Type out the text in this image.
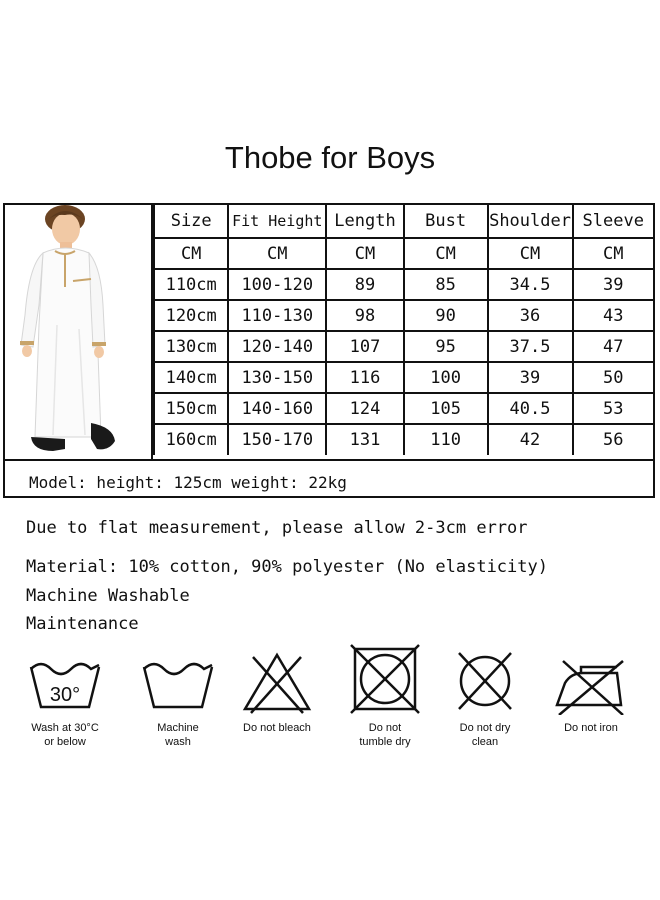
Thobe for Boys
Size	Fit Height	Length	Bust	Shoulder	Sleeve
CM	CM	CM	CM	CM	CM
110cm	100-120	89	85	34.5	39
120cm	110-130	98	90	36	43
130cm	120-140	107	95	37.5	47
140cm	130-150	116	100	39	50
150cm	140-160	124	105	40.5	53
160cm	150-170	131	110	42	56
Model: height: 125cm weight: 22kg
Due to flat measurement, please allow 2-3cm error
Material: 10% cotton, 90% polyester (No elasticity)
Machine Washable
Maintenance
30°
Wash at 30°C
or below
Machine
wash
Do not bleach	Do not
tumble dry
Do not dry
clean
Do not iron
